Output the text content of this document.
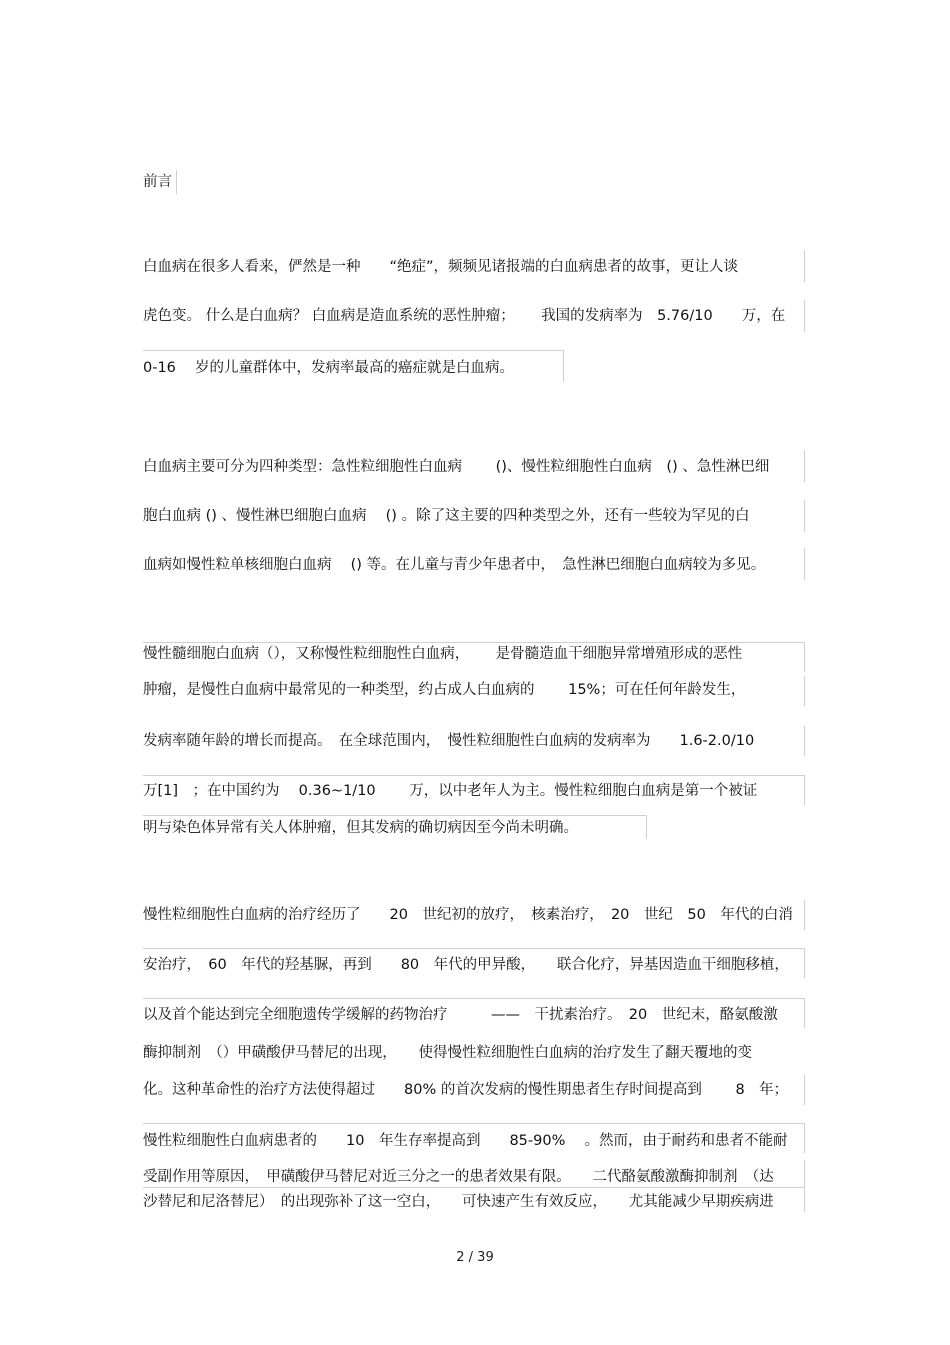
前言
白血病在很多人看来，俨然是一种　　“绝症”，频频见诸报端的白血病患者的故事，更让人谈
虎色变。 什么是白血病？ 白血病是造血系统的恶性肿瘤；　　 我国的发病率为　5.76/10　　万，在
0-16　 岁的儿童群体中，发病率最高的癌症就是白血病。
白血病主要可分为四种类型：急性粒细胞性白血病　　 ()、慢性粒细胞性白血病　() 、急性淋巴细
胞白血病 () 、慢性淋巴细胞白血病　 () 。除了这主要的四种类型之外，还有一些较为罕见的白
血病如慢性粒单核细胞白血病　 () 等。在儿童与青少年患者中，　急性淋巴细胞白血病较为多见。
慢性髓细胞白血病（），又称慢性粒细胞性白血病，　　 是骨髓造血干细胞异常增殖形成的恶性
肿瘤，是慢性白血病中最常见的一种类型，约占成人白血病的　　 15%；可在任何年龄发生，
发病率随年龄的增长而提高。　在全球范围内，　慢性粒细胞性白血病的发病率为　　1.6-2.0/10
万[1]　；在中国约为　 0.36~1/10　　 万，以中老年人为主。慢性粒细胞白血病是第一个被证
明与染色体异常有关人体肿瘤，但其发病的确切病因至今尚未明确。
慢性粒细胞性白血病的治疗经历了　　20　世纪初的放疗，　核素治疗，　20　世纪　50　年代的白消
安治疗，　60　年代的羟基脲，再到　　80　年代的甲异酸，　　联合化疗，异基因造血干细胞移植，
以及首个能达到完全细胞遗传学缓解的药物治疗　　　——　干扰素治疗。　20　世纪末，酪氨酸激
酶抑制剂　（）甲磺酸伊马替尼的出现，　　使得慢性粒细胞性白血病的治疗发生了翻天覆地的变
化。这种革命性的治疗方法使得超过　　80% 的首次发病的慢性期患者生存时间提高到　　 8　年；
慢性粒细胞性白血病患者的　　10　年生存率提高到　　85-90%　 。然而，由于耐药和患者不能耐
受副作用等原因，　甲磺酸伊马替尼对近三分之一的患者效果有限。　　二代酪氨酸激酶抑制剂　（达
沙替尼和尼洛替尼）　的出现弥补了这一空白，　　可快速产生有效反应，　　尤其能减少早期疾病进
2 / 39
